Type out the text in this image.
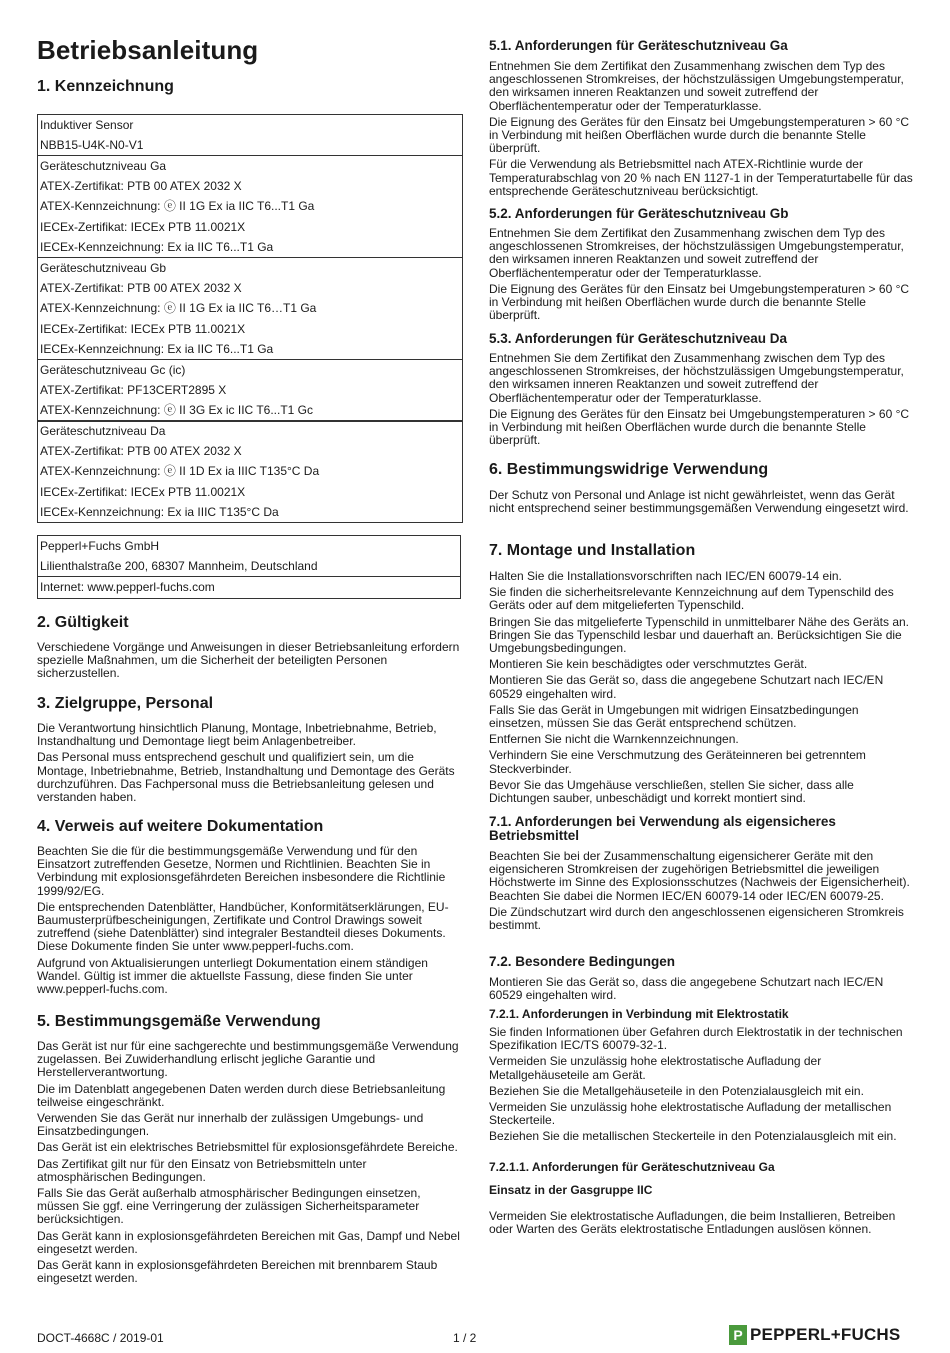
Betriebsanleitung
1. Kennzeichnung
Induktiver Sensor
NBB15-U4K-N0-V1
Geräteschutzniveau Ga
ATEX-Zertifikat: PTB 00 ATEX 2032 X
ATEX-Kennzeichnung: ⓔ II 1G Ex ia IIC T6...T1 Ga
IECEx-Zertifikat: IECEx PTB 11.0021X
IECEx-Kennzeichnung: Ex ia IIC T6...T1 Ga
Geräteschutzniveau Gb
ATEX-Zertifikat: PTB 00 ATEX 2032 X
ATEX-Kennzeichnung: ⓔ II 1G Ex ia IIC T6…T1 Ga
IECEx-Zertifikat: IECEx PTB 11.0021X
IECEx-Kennzeichnung: Ex ia IIC T6...T1 Ga
Geräteschutzniveau Gc (ic)
ATEX-Zertifikat: PF13CERT2895 X
ATEX-Kennzeichnung: ⓔ II 3G Ex ic IIC T6...T1 Gc
Geräteschutzniveau Da
ATEX-Zertifikat: PTB 00 ATEX 2032 X
ATEX-Kennzeichnung: ⓔ II 1D Ex ia IIIC T135°C Da
IECEx-Zertifikat: IECEx PTB 11.0021X
IECEx-Kennzeichnung: Ex ia IIIC T135°C Da
Pepperl+Fuchs GmbH
Lilienthalstraße 200, 68307 Mannheim, Deutschland
Internet: www.pepperl-fuchs.com
2. Gültigkeit
Verschiedene Vorgänge und Anweisungen in dieser Betriebsanleitung erfordern spezielle Maßnahmen, um die Sicherheit der beteiligten Personen sicherzustellen.
3. Zielgruppe, Personal

Die Verantwortung hinsichtlich Planung, Montage, Inbetriebnahme, Betrieb, Instandhaltung und Demontage liegt beim Anlagenbetreiber.

Das Personal muss entsprechend geschult und qualifiziert sein, um die Montage, Inbetriebnahme, Betrieb, Instandhaltung und Demontage des Geräts durchzuführen. Das Fachpersonal muss die Betriebsanleitung gelesen und verstanden haben.

4. Verweis auf weitere Dokumentation

Beachten Sie die für die bestimmungsgemäße Verwendung und für den Einsatzort zutreffenden Gesetze, Normen und Richtlinien. Beachten Sie in Verbindung mit explosionsgefährdeten Bereichen insbesondere die Richtlinie 1999/92/EG.

Die entsprechenden Datenblätter, Handbücher, Konformitätserklärungen, EU-Baumusterprüfbescheinigungen, Zertifikate und Control Drawings soweit zutreffend (siehe Datenblätter) sind integraler Bestandteil dieses Dokuments. Diese Dokumente finden Sie unter www.pepperl-fuchs.com.

Aufgrund von Aktualisierungen unterliegt Dokumentation einem ständigen Wandel. Gültig ist immer die aktuellste Fassung, diese finden Sie unter www.pepperl-fuchs.com.

5. Bestimmungsgemäße Verwendung

Das Gerät ist nur für eine sachgerechte und bestimmungsgemäße Verwendung zugelassen. Bei Zuwiderhandlung erlischt jegliche Garantie und Herstellerverantwortung.

Die im Datenblatt angegebenen Daten werden durch diese Betriebsanleitung teilweise eingeschränkt.

Verwenden Sie das Gerät nur innerhalb der zulässigen Umgebungs- und Einsatzbedingungen.

Das Gerät ist ein elektrisches Betriebsmittel für explosionsgefährdete Bereiche.

Das Zertifikat gilt nur für den Einsatz von Betriebsmitteln unter atmosphärischen Bedingungen.

Falls Sie das Gerät außerhalb atmosphärischer Bedingungen einsetzen, müssen Sie ggf. eine Verringerung der zulässigen Sicherheitsparameter berücksichtigen.

Das Gerät kann in explosionsgefährdeten Bereichen mit Gas, Dampf und Nebel eingesetzt werden.

Das Gerät kann in explosionsgefährdeten Bereichen mit brennbarem Staub eingesetzt werden.

5.1. Anforderungen für Geräteschutzniveau Ga

Entnehmen Sie dem Zertifikat den Zusammenhang zwischen dem Typ des angeschlossenen Stromkreises, der höchstzulässigen Umgebungstemperatur, den wirksamen inneren Reaktanzen und soweit zutreffend der Oberflächentemperatur oder der Temperaturklasse.

Die Eignung des Gerätes für den Einsatz bei Umgebungstemperaturen > 60 °C in Verbindung mit heißen Oberflächen wurde durch die benannte Stelle überprüft.

Für die Verwendung als Betriebsmittel nach ATEX-Richtlinie wurde der Temperaturabschlag von 20 % nach EN 1127-1 in der Temperaturtabelle für das entsprechende Geräteschutzniveau berücksichtigt.

5.2. Anforderungen für Geräteschutzniveau Gb

Entnehmen Sie dem Zertifikat den Zusammenhang zwischen dem Typ des angeschlossenen Stromkreises, der höchstzulässigen Umgebungstemperatur, den wirksamen inneren Reaktanzen und soweit zutreffend der Oberflächentemperatur oder der Temperaturklasse.

Die Eignung des Gerätes für den Einsatz bei Umgebungstemperaturen > 60 °C in Verbindung mit heißen Oberflächen wurde durch die benannte Stelle überprüft.

5.3. Anforderungen für Geräteschutzniveau Da

Entnehmen Sie dem Zertifikat den Zusammenhang zwischen dem Typ des angeschlossenen Stromkreises, der höchstzulässigen Umgebungstemperatur, den wirksamen inneren Reaktanzen und soweit zutreffend der Oberflächentemperatur oder der Temperaturklasse.

Die Eignung des Gerätes für den Einsatz bei Umgebungstemperaturen > 60 °C in Verbindung mit heißen Oberflächen wurde durch die benannte Stelle überprüft.

6. Bestimmungswidrige Verwendung

Der Schutz von Personal und Anlage ist nicht gewährleistet, wenn das Gerät nicht entsprechend seiner bestimmungsgemäßen Verwendung eingesetzt wird.

7. Montage und Installation

Halten Sie die Installationsvorschriften nach IEC/EN 60079-14 ein.

Sie finden die sicherheitsrelevante Kennzeichnung auf dem Typenschild des Geräts oder auf dem mitgelieferten Typenschild.

Bringen Sie das mitgelieferte Typenschild in unmittelbarer Nähe des Geräts an. Bringen Sie das Typenschild lesbar und dauerhaft an. Berücksichtigen Sie die Umgebungsbedingungen.

Montieren Sie kein beschädigtes oder verschmutztes Gerät.

Montieren Sie das Gerät so, dass die angegebene Schutzart nach IEC/EN 60529 eingehalten wird.

Falls Sie das Gerät in Umgebungen mit widrigen Einsatzbedingungen einsetzen, müssen Sie das Gerät entsprechend schützen.

Entfernen Sie nicht die Warnkennzeichnungen.

Verhindern Sie eine Verschmutzung des Geräteinneren bei getrenntem Steckverbinder.

Bevor Sie das Umgehäuse verschließen, stellen Sie sicher, dass alle Dichtungen sauber, unbeschädigt und korrekt montiert sind.

7.1. Anforderungen bei Verwendung als eigensicheres Betriebsmittel

Beachten Sie bei der Zusammenschaltung eigensicherer Geräte mit den eigensicheren Stromkreisen der zugehörigen Betriebsmittel die jeweiligen Höchstwerte im Sinne des Explosionsschutzes (Nachweis der Eigensicherheit). Beachten Sie dabei die Normen IEC/EN 60079-14 oder IEC/EN 60079-25.

Die Zündschutzart wird durch den angeschlossenen eigensicheren Stromkreis bestimmt.

7.2. Besondere Bedingungen

Montieren Sie das Gerät so, dass die angegebene Schutzart nach IEC/EN 60529 eingehalten wird.

7.2.1. Anforderungen in Verbindung mit Elektrostatik

Sie finden Informationen über Gefahren durch Elektrostatik in der technischen Spezifikation IEC/TS 60079-32-1.

Vermeiden Sie unzulässig hohe elektrostatische Aufladung der Metallgehäuseteile am Gerät.

Beziehen Sie die Metallgehäuseteile in den Potenzialausgleich mit ein.

Vermeiden Sie unzulässig hohe elektrostatische Aufladung der metallischen Steckerteile.

Beziehen Sie die metallischen Steckerteile in den Potenzialausgleich mit ein.

7.2.1.1. Anforderungen für Geräteschutzniveau Ga
Einsatz in der Gasgruppe IIC

Vermeiden Sie elektrostatische Aufladungen, die beim Installieren, Betreiben oder Warten des Geräts elektrostatische Entladungen auslösen können.

DOCT-4668C / 2019-01	1 / 2	P PEPPERL+FUCHS
